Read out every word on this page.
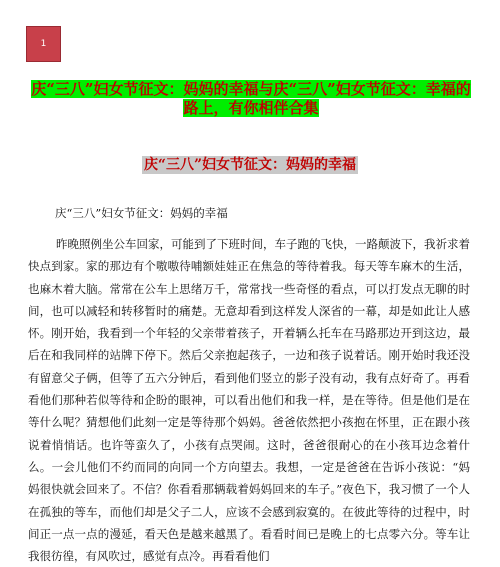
1
庆“三八”妇女节征文：妈妈的幸福与庆“三八”妇女节征文：幸福的路上，有你相伴合集
庆“三八”妇女节征文：妈妈的幸福
庆“三八”妇女节征文：妈妈的幸福

昨晚照例坐公车回家，可能到了下班时间，车子跑的飞快，一路颠波下，我祈求着快点到家。家的那边有个嗷嗷待哺额娃娃正在焦急的等待着我。每天等车麻木的生活，也麻木着大脑。常常在公车上思绪万千，常常找一些奇怪的看点，可以打发点无聊的时间，也可以减轻和转移暂时的痛楚。无意却看到这样发人深省的一幕，却是如此让人感怀。刚开始，我看到一个年轻的父亲带着孩子，开着辆么托车在马路那边开到这边，最后在和我同样的站牌下停下。然后父亲抱起孩子，一边和孩子说着话。刚开始时我还没有留意父子俩，但等了五六分钟后，看到他们竖立的影子没有动，我有点好奇了。再看看他们那种若似等待和企盼的眼神，可以看出他们和我一样，是在等待。但是他们是在等什么呢？猜想他们此刻一定是等待那个妈妈。爸爸依然把小孩抱在怀里，正在跟小孩说着悄悄话。也许等蛮久了，小孩有点哭闹。这时，爸爸很耐心的在小孩耳边念着什么。一会儿他们不约而同的向同一个方向望去。我想，一定是爸爸在告诉小孩说：“妈妈很快就会回来了。不信？你看看那辆载着妈妈回来的车子。”夜色下，我习惯了一个人在孤独的等车，而他们却是父子二人，应该不会感到寂寞的。在彼此等待的过程中，时间正一点一点的漫延，看天色是越来越黑了。看看时间已是晚上的七点零六分。等车让我很彷徨，有风吹过，感觉有点冷。再看看他们
